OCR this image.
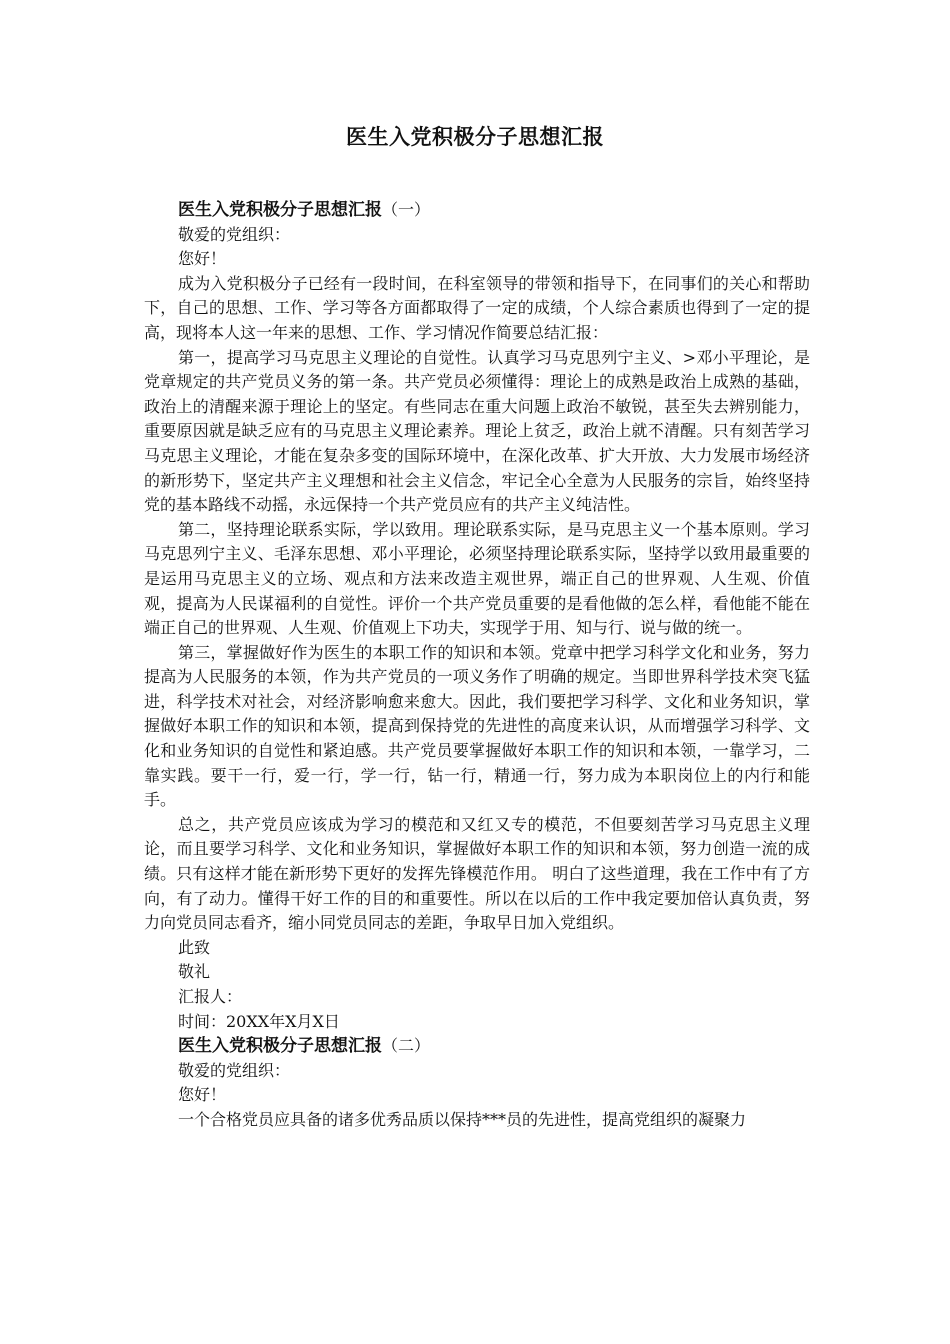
医生入党积极分子思想汇报

医生入党积极分子思想汇报（一）

敬爱的党组织：

您好！

成为入党积极分子已经有一段时间，在科室领导的带领和指导下，在同事们的关心和帮助下，自己的思想、工作、学习等各方面都取得了一定的成绩，个人综合素质也得到了一定的提高，现将本人这一年来的思想、工作、学习情况作简要总结汇报：

第一，提高学习马克思主义理论的自觉性。认真学习马克思列宁主义、>邓小平理论，是党章规定的共产党员义务的第一条。共产党员必须懂得：理论上的成熟是政治上成熟的基础，政治上的清醒来源于理论上的坚定。有些同志在重大问题上政治不敏锐，甚至失去辨别能力，重要原因就是缺乏应有的马克思主义理论素养。理论上贫乏，政治上就不清醒。只有刻苦学习马克思主义理论，才能在复杂多变的国际环境中，在深化改革、扩大开放、大力发展市场经济的新形势下，坚定共产主义理想和社会主义信念，牢记全心全意为人民服务的宗旨，始终坚持党的基本路线不动摇，永远保持一个共产党员应有的共产主义纯洁性。

第二，坚持理论联系实际，学以致用。理论联系实际，是马克思主义一个基本原则。学习马克思列宁主义、毛泽东思想、邓小平理论，必须坚持理论联系实际，坚持学以致用最重要的是运用马克思主义的立场、观点和方法来改造主观世界，端正自己的世界观、人生观、价值观，提高为人民谋福利的自觉性。评价一个共产党员重要的是看他做的怎么样，看他能不能在端正自己的世界观、人生观、价值观上下功夫，实现学于用、知与行、说与做的统一。

第三，掌握做好作为医生的本职工作的知识和本领。党章中把学习科学文化和业务，努力提高为人民服务的本领，作为共产党员的一项义务作了明确的规定。当即世界科学技术突飞猛进，科学技术对社会，对经济影响愈来愈大。因此，我们要把学习科学、文化和业务知识，掌握做好本职工作的知识和本领，提高到保持党的先进性的高度来认识，从而增强学习科学、文化和业务知识的自觉性和紧迫感。共产党员要掌握做好本职工作的知识和本领，一靠学习，二靠实践。要干一行，爱一行，学一行，钻一行，精通一行，努力成为本职岗位上的内行和能手。

总之，共产党员应该成为学习的模范和又红又专的模范，不但要刻苦学习马克思主义理论，而且要学习科学、文化和业务知识，掌握做好本职工作的知识和本领，努力创造一流的成绩。只有这样才能在新形势下更好的发挥先锋模范作用。 明白了这些道理，我在工作中有了方向，有了动力。懂得干好工作的目的和重要性。所以在以后的工作中我定要加倍认真负责，努力向党员同志看齐，缩小同党员同志的差距，争取早日加入党组织。

此致

敬礼

汇报人：

时间：20XX年X月X日

医生入党积极分子思想汇报（二）

敬爱的党组织：

您好！

一个合格党员应具备的诸多优秀品质以保持***员的先进性，提高党组织的凝聚力
